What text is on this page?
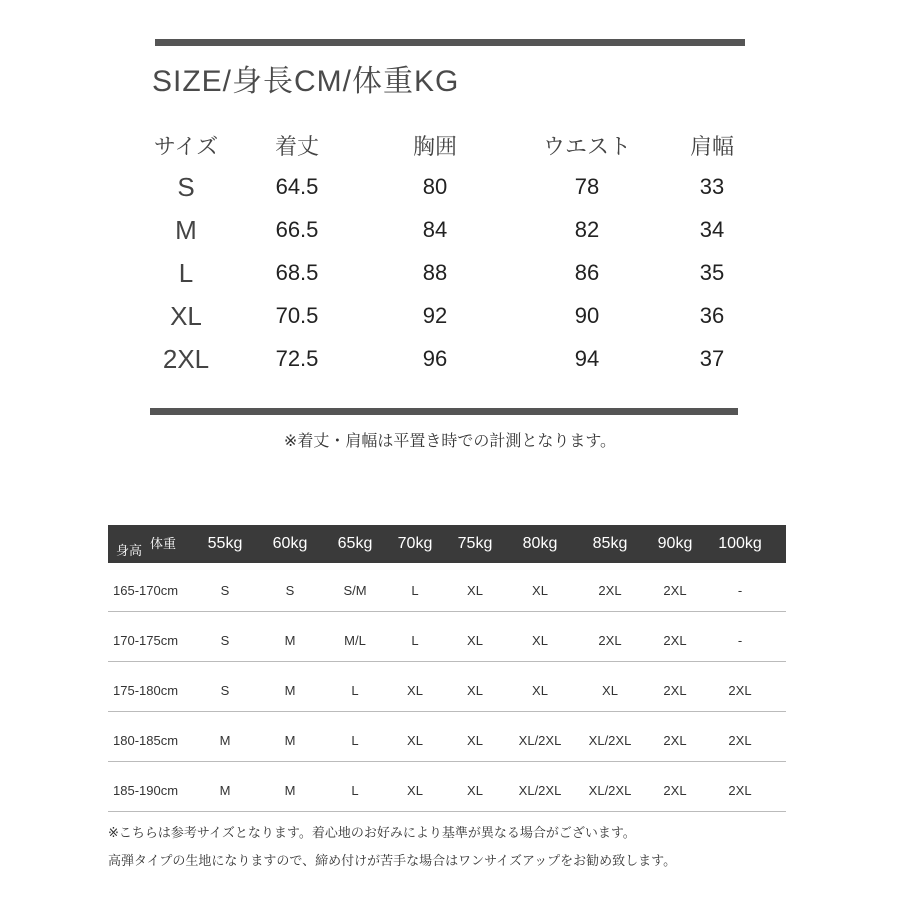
SIZE/身長CM/体重KG
※着丈・肩幅は平置き時での計測となります。
身高 体重
※こちらは参考サイズとなります。着心地のお好みにより基準が異なる場合がございます。
高弾タイプの生地になりますので、締め付けが苦手な場合はワンサイズアップをお勧め致します。
サイズ	着丈	胸囲	ウエスト	肩幅
S	64.5	80	78	33
M	66.5	84	82	34
L	68.5	88	86	35
XL	70.5	92	90	36
2XL	72.5	96	94	37
55kg	60kg	65kg	70kg	75kg	80kg	85kg	90kg	100kg
165-170cm	S	S	S/M	L	XL	XL	2XL	2XL	-
170-175cm	S	M	M/L	L	XL	XL	2XL	2XL	-
175-180cm	S	M	L	XL	XL	XL	XL	2XL	2XL
180-185cm	M	M	L	XL	XL	XL/2XL	XL/2XL	2XL	2XL
185-190cm	M	M	L	XL	XL	XL/2XL	XL/2XL	2XL	2XL
